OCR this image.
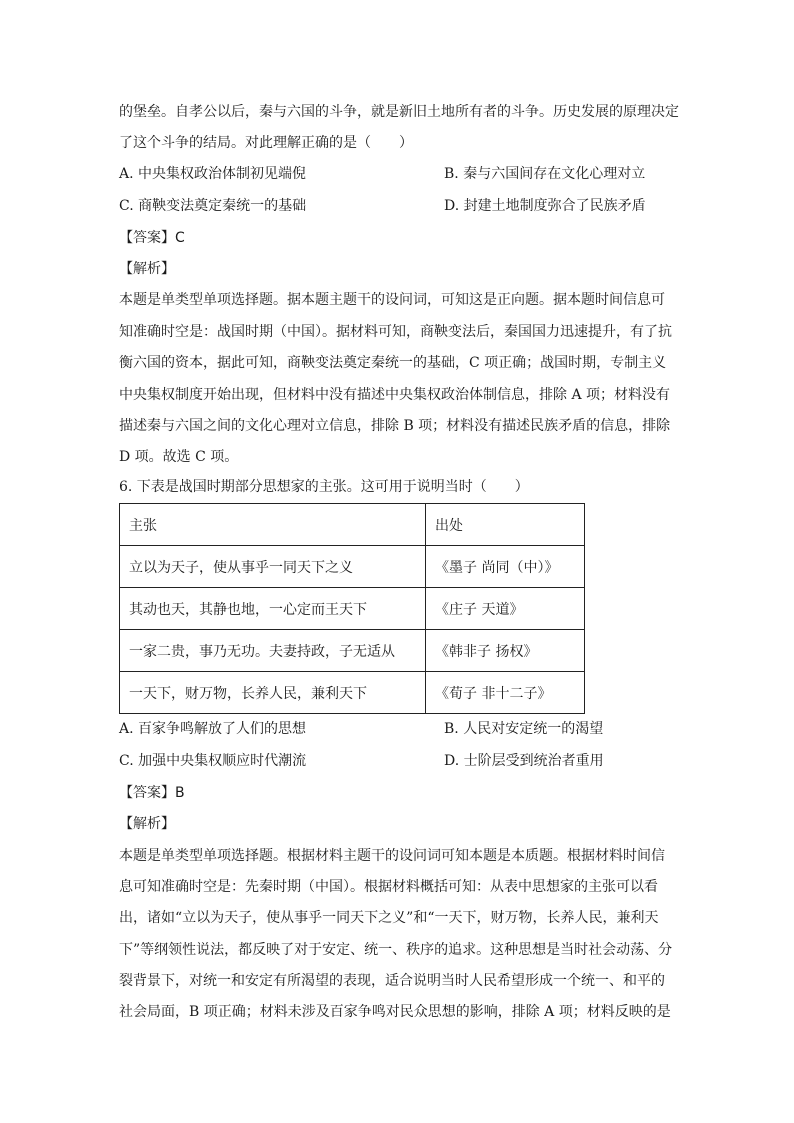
的堡垒。自孝公以后，秦与六国的斗争，就是新旧土地所有者的斗争。历史发展的原理决定
了这个斗争的结局。对此理解正确的是（　　）
A. 中央集权政治体制初见端倪	B. 秦与六国间存在文化心理对立
C. 商鞅变法奠定秦统一的基础	D. 封建土地制度弥合了民族矛盾
【答案】C
【解析】
本题是单类型单项选择题。据本题主题干的设问词，可知这是正向题。据本题时间信息可
知准确时空是：战国时期（中国）。据材料可知，商鞅变法后，秦国国力迅速提升，有了抗
衡六国的资本，据此可知，商鞅变法奠定秦统一的基础，C 项正确；战国时期，专制主义
中央集权制度开始出现，但材料中没有描述中央集权政治体制信息，排除 A 项；材料没有
描述秦与六国之间的文化心理对立信息，排除 B 项；材料没有描述民族矛盾的信息，排除
D 项。故选 C 项。
6. 下表是战国时期部分思想家的主张。这可用于说明当时（　　）
主张	出处
立以为天子，使从事乎一同天下之义	《墨子 尚同（中）》
其动也天，其静也地，一心定而王天下	《庄子 天道》
一家二贵，事乃无功。夫妻持政，子无适从	《韩非子 扬权》
一天下，财万物，长养人民，兼利天下	《荀子 非十二子》
A. 百家争鸣解放了人们的思想	B. 人民对安定统一的渴望
C. 加强中央集权顺应时代潮流	D. 士阶层受到统治者重用
【答案】B
【解析】
本题是单类型单项选择题。根据材料主题干的设问词可知本题是本质题。根据材料时间信
息可知准确时空是：先秦时期（中国）。根据材料概括可知：从表中思想家的主张可以看
出，诸如“立以为天子，使从事乎一同天下之义”和“一天下，财万物，长养人民，兼利天
下”等纲领性说法，都反映了对于安定、统一、秩序的追求。这种思想是当时社会动荡、分
裂背景下，对统一和安定有所渴望的表现，适合说明当时人民希望形成一个统一、和平的
社会局面，B 项正确；材料未涉及百家争鸣对民众思想的影响，排除 A 项；材料反映的是
